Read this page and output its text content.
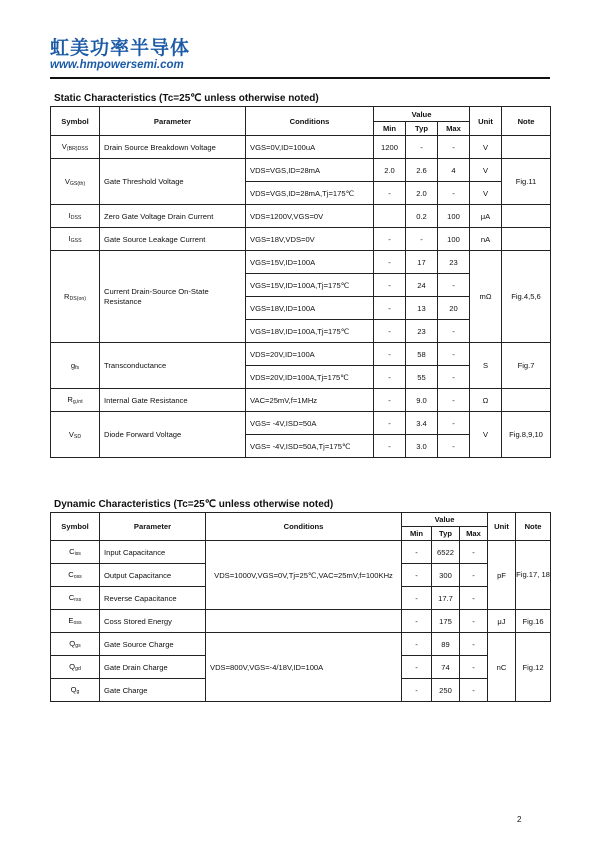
虹美功率半导体
www.hmpowersemi.com
Static Characteristics (Tc=25℃ unless otherwise noted)
Symbol	Parameter	Conditions	Value			Unit	Note
			Min	Typ	Max		
$V_{(BR)DSS}$	Drain Source Breakdown Voltage	VGS=0V,ID=100uA	1200	-	-	V	
$V_{GS(th)}$	Gate Threshold Voltage	VDS=VGS,ID=28mA	2.0	2.6	4	V	Fig.11
		VDS=VGS,ID=28mA,Tj=175℃	-	2.0	-	V	
$I_{DSS}$	Zero Gate Voltage Drain Current	VDS=1200V,VGS=0V		0.2	100	μA	
$I_{GSS}$	Gate Source Leakage Current	VGS=18V,VDS=0V	-	-	100	nA	
$R_{DS(on)}$	Current Drain-Source On-State Resistance	VGS=15V,ID=100A	-	17	23	mΩ	Fig.4,5,6
		VGS=15V,ID=100A,Tj=175℃	-	24	-		
		VGS=18V,ID=100A	-	13	20		
		VGS=18V,ID=100A,Tj=175℃	-	23	-		
$g_{fs}$	Transconductance	VDS=20V,ID=100A	-	58	-	S	Fig.7
		VDS=20V,ID=100A,Tj=175℃	-	55	-		
$R_{g,int}$	Internal Gate Resistance	VAC=25mV,f=1MHz	-	9.0	-	Ω	
$V_{SD}$	Diode Forward Voltage	VGS= -4V,ISD=50A	-	3.4	-	V	Fig.8,9,10
		VGS= -4V,ISD=50A,Tj=175℃	-	3.0	-		
Dynamic Characteristics (Tc=25℃ unless otherwise noted)
Symbol	Parameter	Conditions	Value			Unit	Note
			Min	Typ	Max		
$C_{iss}$	Input Capacitance	VDS=1000V,VGS=0V,Tj=25℃,VAC=25mV,f=100KHz	-	6522	-	pF	Fig.17, 18
$C_{oss}$	Output Capacitance		-	300	-		
$C_{rss}$	Reverse Capacitance		-	17.7	-		
$E_{oss}$	Coss Stored Energy		-	175	-	μJ	Fig.16
$Q_{gs}$	Gate Source Charge	VDS=800V,VGS=-4/18V,ID=100A	-	89	-	nC	Fig.12
$Q_{gd}$	Gate Drain Charge		-	74	-		
$Q_g$	Gate Charge		-	250	-		
2
